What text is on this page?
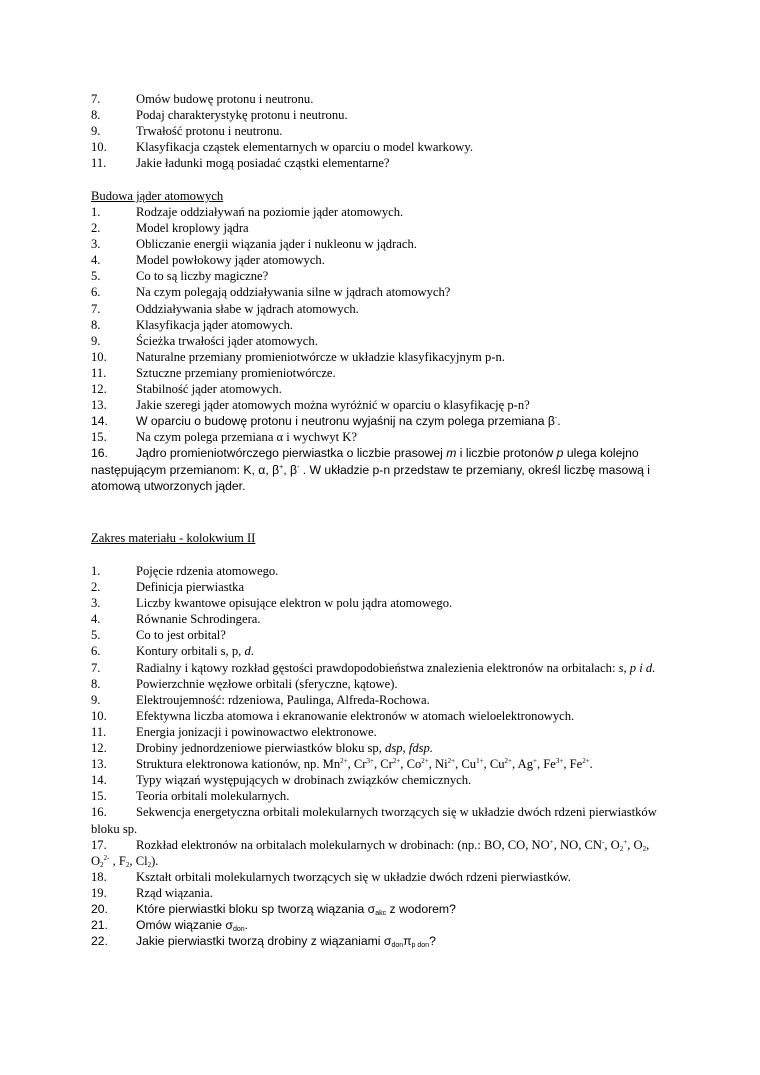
7.	Omów budowę protonu i neutronu.
8.	Podaj charakterystykę protonu i neutronu.
9.	Trwałość protonu i neutronu.
10. Klasyfikacja cząstek elementarnych w oparciu o model kwarkowy.
11. Jakie ładunki mogą posiadać cząstki elementarne?
Budowa jąder atomowych
1.	Rodzaje oddziaływań na poziomie jąder atomowych.
2.	Model kroplowy jądra
3.	Obliczanie energii wiązania jąder i nukleonu w jądrach.
4.	Model powłokowy jąder atomowych.
5.	Co to są liczby magiczne?
6.	Na czym polegają oddziaływania silne w jądrach atomowych?
7.	Oddziaływania słabe w jądrach atomowych.
8.	Klasyfikacja jąder atomowych.
9.	Ścieżka trwałości jąder atomowych.
10. Naturalne przemiany promieniotwórcze w układzie klasyfikacyjnym p-n.
11. Sztuczne przemiany promieniotwórcze.
12. Stabilność jąder atomowych.
13. Jakie szeregi jąder atomowych można wyróżnić w oparciu o klasyfikację p-n?
14. W oparciu o budowę protonu i neutronu wyjaśnij na czym polega przemiana β-.
15. Na czym polega przemiana α i wychwyt K?
16.	Jądro promieniotwórczego pierwiastka o liczbie prasowej m i liczbie protonów p ulega kolejno następującym przemianom: K, α, β+, β- . W układzie p-n przedstaw te przemiany, określ liczbę masową i atomową utworzonych jąder.
Zakres materiału - kolokwium II
1.	Pojęcie rdzenia atomowego.
2.	Definicja pierwiastka
3.	Liczby kwantowe opisujące elektron w polu jądra atomowego.
4.	Równanie Schrodingera.
5.	Co to jest orbital?
6.	Kontury orbitali s, p, d.
7.	Radialny i kątowy rozkład gęstości prawdopodobieństwa znalezienia elektronów na orbitalach: s, p i d.
8.	Powierzchnie węzłowe orbitali (sferyczne, kątowe).
9.	Elektroujemność: rdzeniowa, Paulinga, Alfreda-Rochowa.
10. Efektywna liczba atomowa i ekranowanie elektronów w atomach wieloelektronowych.
11. Energia jonizacji i powinowactwo elektronowe.
12. Drobiny jednordzeniowe pierwiastków bloku sp, dsp, fdsp.
13. Struktura elektronowa kationów, np. $Mn^{2+}$, $Cr^{3+}$, $Cr^{2+}$, $Co^{2+}$, $Ni^{2+}$, $Cu^{1+}$, $Cu^{2+}$, Ag+, $Fe^{3+}$, $Fe^{2+}$.
14. Typy wiązań występujących w drobinach związków chemicznych.
15. Teoria orbitali molekularnych.
16.	Sekwencja energetyczna orbitali molekularnych tworzących się w układzie dwóch rdzeni pierwiastków bloku sp.
17.	Rozkład elektronów na orbitalach molekularnych w drobinach: (np.: BO, CO, NO+, NO, CN-, $O_2^+$, $O_2$, $O_2^{2-}$ , $F_2$, $Cl_2$).
18. Kształt orbitali molekularnych tworzących się w układzie dwóch rdzeni pierwiastków.
19. Rząd wiązania.
20. Które pierwiastki bloku sp tworzą wiązania $\sigma_{akc}$ z wodorem?
21. Omów wiązanie $\sigma_{don}$.
22. Jakie pierwiastki tworzą drobiny z wiązaniami $\sigma_{don}\pi_{p don}$?
